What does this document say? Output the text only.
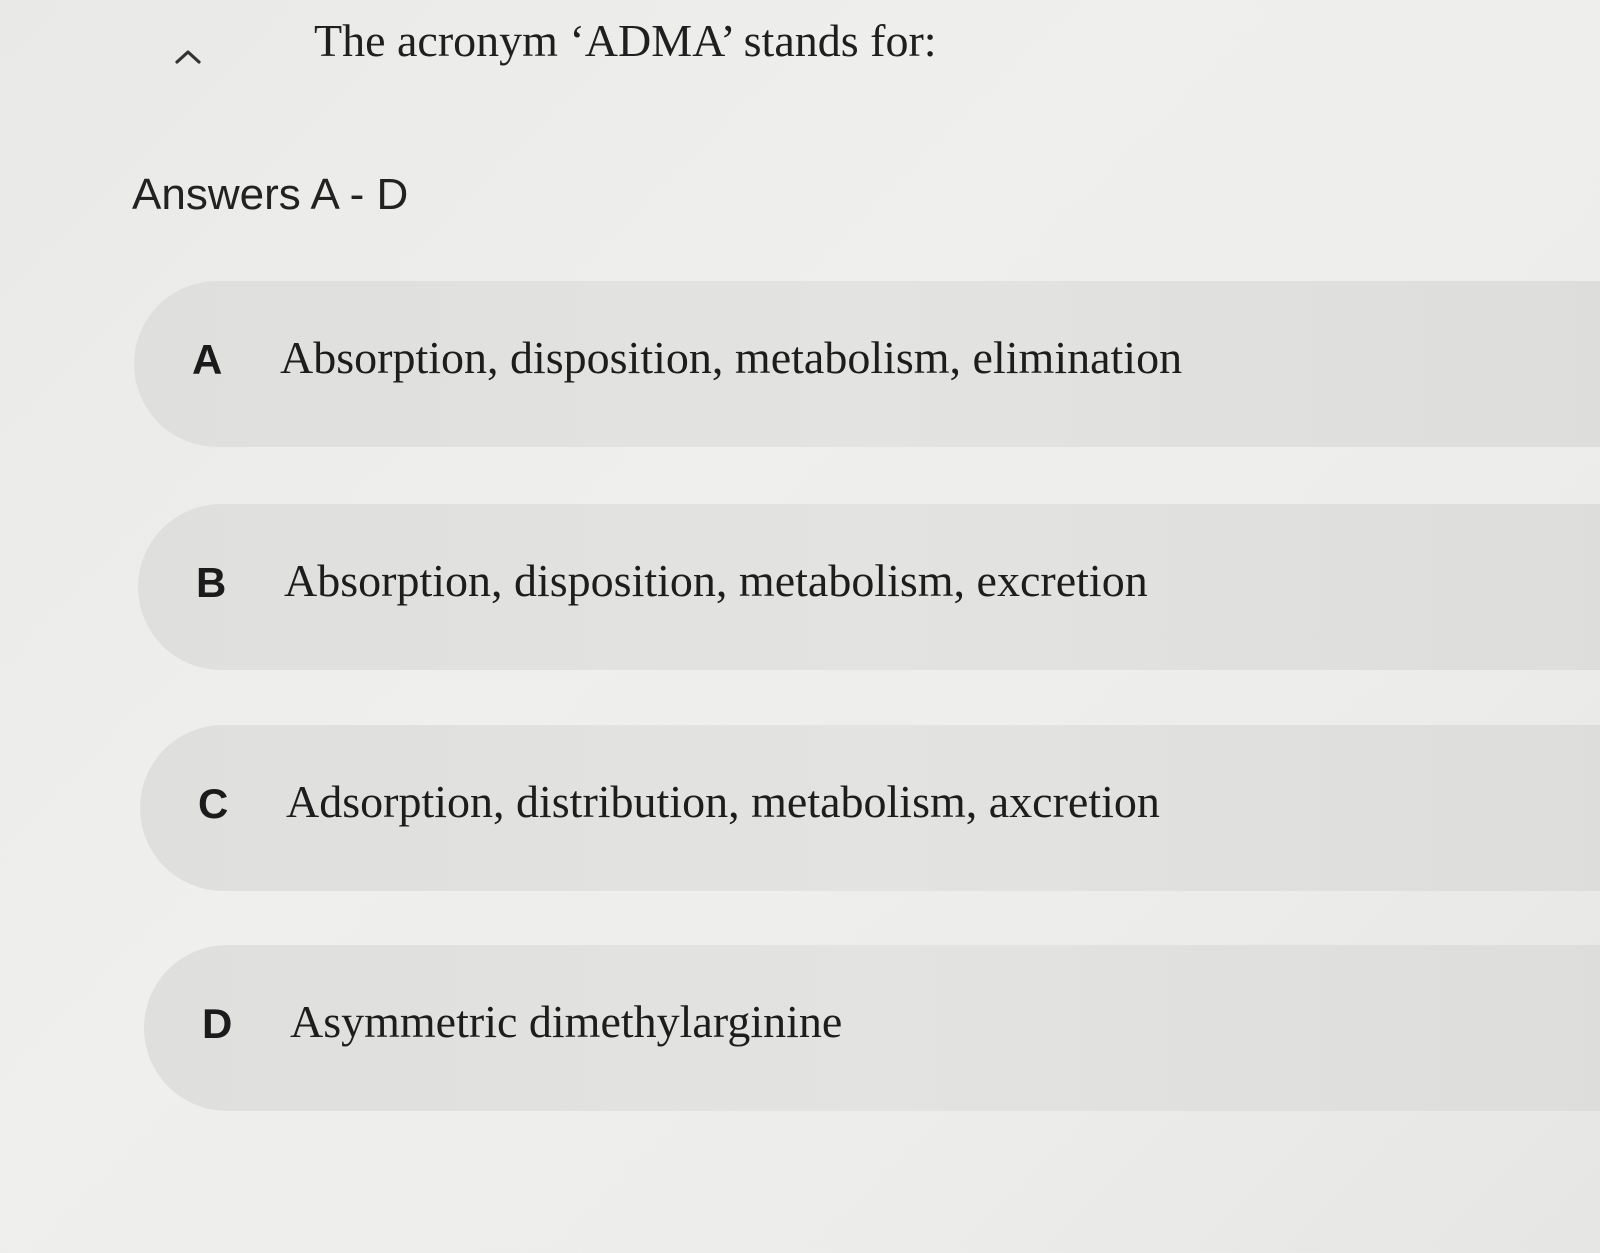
The acronym ‘ADMA’ stands for:
Answers A - D
A Absorption, disposition, metabolism, elimination
B Absorption, disposition, metabolism, excretion
C Adsorption, distribution, metabolism, axcretion
D Asymmetric dimethylarginine
